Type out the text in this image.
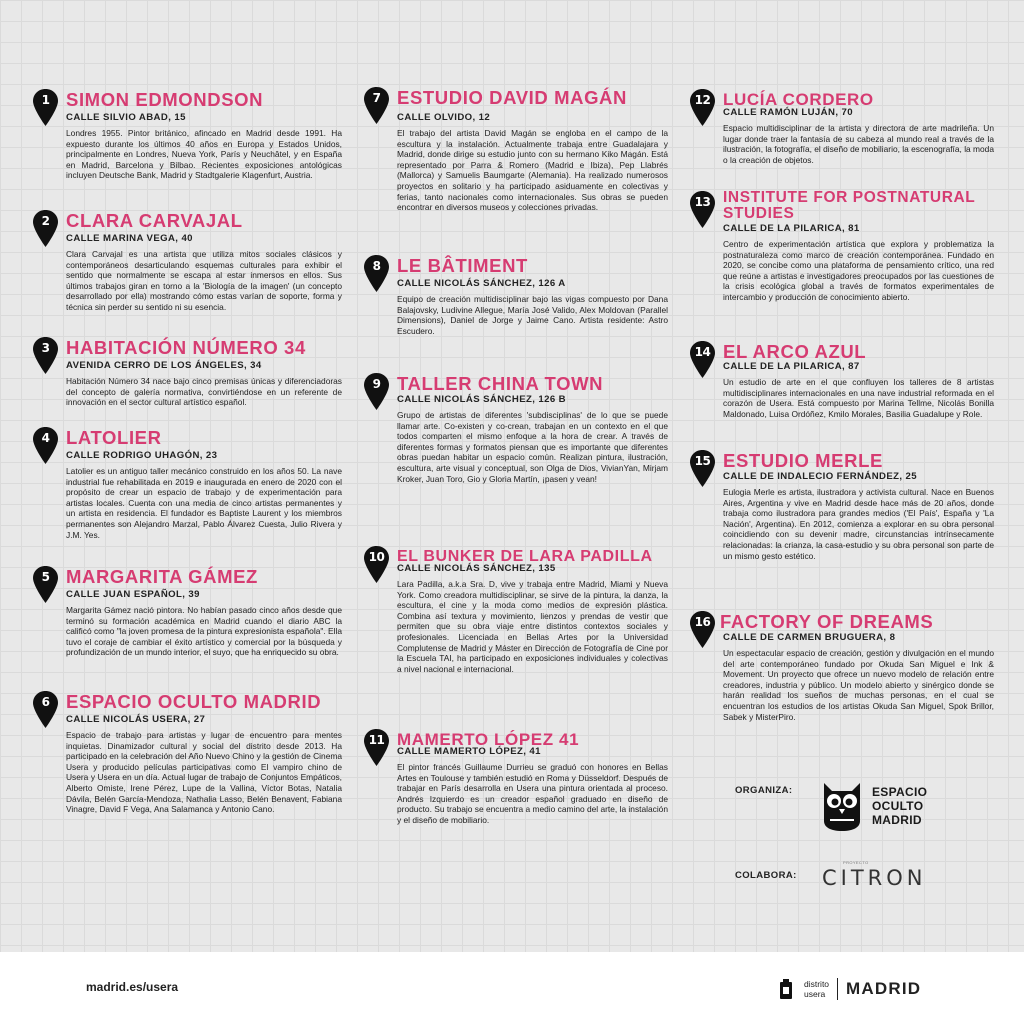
1 SIMON EDMONDSON
CALLE SILVIO ABAD, 15

Londres 1955. Pintor británico, afincado en Madrid desde 1991. Ha expuesto durante los últimos 40 años en Europa y Estados Unidos, principalmente en Londres, Nueva York, París y Neuchâtel, y en España en Madrid, Barcelona y Bilbao. Recientes exposiciones antológicas incluyen Deutsche Bank, Madrid y Stadtgalerie Klagenfurt, Austria.

2 CLARA CARVAJAL
CALLE MARINA VEGA, 40

Clara Carvajal es una artista que utiliza mitos sociales clásicos y contemporáneos desarticulando esquemas culturales para exhibir el sentido que normalmente se escapa al estar inmersos en ellos. Sus últimos trabajos giran en torno a la 'Biología de la imagen' (un concepto desarrollado por ella) mostrando cómo estas varían de soporte, forma y técnica sin perder su sentido ni su esencia.

3 HABITACIÓN NÚMERO 34
AVENIDA CERRO DE LOS ÁNGELES, 34

Habitación Número 34 nace bajo cinco premisas únicas y diferenciadoras del concepto de galería normativa, convirtiéndose en un referente de innovación en el sector cultural artístico español.

4 LATOLIER
CALLE RODRIGO UHAGÓN, 23

Latolier es un antiguo taller mecánico construido en los años 50. La nave industrial fue rehabilitada en 2019 e inaugurada en enero de 2020 con el propósito de crear un espacio de trabajo y de experimentación para artistas locales. Cuenta con una media de cinco artistas permanentes y un artista en residencia. El fundador es Baptiste Laurent y los miembros permanentes son Alejandro Marzal, Pablo Álvarez Cuesta, Julio Rivera y J.M. Yes.

5 MARGARITA GÁMEZ
CALLE JUAN ESPAÑOL, 39

Margarita Gámez nació pintora. No habían pasado cinco años desde que terminó su formación académica en Madrid cuando el diario ABC la calificó como "la joven promesa de la pintura expresionista española". Ella tuvo el coraje de cambiar el éxito artístico y comercial por la búsqueda y profundización de un mundo interior, el suyo, que ha enriquecido su obra.

6 ESPACIO OCULTO MADRID
CALLE NICOLÁS USERA, 27

Espacio de trabajo para artistas y lugar de encuentro para mentes inquietas. Dinamizador cultural y social del distrito desde 2013. Ha participado en la celebración del Año Nuevo Chino y la gestión de Cinema Usera y producido películas participativas como El vampiro chino de Usera y Usera en un día. Actual lugar de trabajo de Conjuntos Empáticos, Alberto Omiste, Irene Pérez, Lupe de la Vallina, Víctor Botas, Natalia Dávila, Belén García-Mendoza, Nathalia Lasso, Belén Benavent, Fabiana Vinagre, David F Vega, Ana Salamanca y Antonio Cano.

7 ESTUDIO DAVID MAGÁN
CALLE OLVIDO, 12

El trabajo del artista David Magán se engloba en el campo de la escultura y la instalación. Actualmente trabaja entre Guadalajara y Madrid, donde dirige su estudio junto con su hermano Kiko Magán. Está representado por Parra & Romero (Madrid e Ibiza), Pep Llabrés (Mallorca) y Samuelis Baumgarte (Alemania). Ha realizado numerosos proyectos en solitario y ha participado asiduamente en colectivas y ferias, tanto nacionales como internacionales. Sus obras se pueden encontrar en diversos museos y colecciones privadas.

8 LE BÂTIMENT
CALLE NICOLÁS SÁNCHEZ, 126 A

Equipo de creación multidisciplinar bajo las vigas compuesto por Dana Balajovsky, Ludivine Allegue, María José Valido, Alex Moldovan (Parallel Dimensions), Daniel de Jorge y Jaime Cano. Artista residente: Astro Escudero.

9 TALLER CHINA TOWN
CALLE NICOLÁS SÁNCHEZ, 126 B

Grupo de artistas de diferentes 'subdisciplinas' de lo que se puede llamar arte. Co-existen y co-crean, trabajan en un contexto en el que todos comparten el mismo enfoque a la hora de crear. A través de diferentes formas y formatos piensan que es importante que diferentes obras puedan habitar un espacio común. Realizan pintura, ilustración, escultura, arte visual y conceptual, son Olga de Dios, VivianYan, Mirjam Kroker, Juan Toro, Gio y Gloria Martín, ¡pasen y vean!

10 EL BUNKER DE LARA PADILLA
CALLE NICOLÁS SÁNCHEZ, 135

Lara Padilla, a.k.a Sra. D, vive y trabaja entre Madrid, Miami y Nueva York. Como creadora multidisciplinar, se sirve de la pintura, la danza, la escultura, el cine y la moda como medios de expresión plástica. Combina así textura y movimiento, lienzos y prendas de vestir que permiten que su obra viaje entre distintos contextos sociales y profesionales. Licenciada en Bellas Artes por la Universidad Complutense de Madrid y Máster en Dirección de Fotografía de Cine por la Escuela TAI, ha participado en exposiciones individuales y colectivas a nivel nacional e internacional.

11 MAMERTO LÓPEZ 41
CALLE MAMERTO LÓPEZ, 41

El pintor francés Guillaume Durrieu se graduó con honores en Bellas Artes en Toulouse y también estudió en Roma y Düsseldorf. Después de trabajar en París desarrolla en Usera una pintura orientada al proceso. Andrés Izquierdo es un creador español graduado en diseño de producto. Su trabajo se encuentra a medio camino del arte, la instalación y el diseño de mobiliario.

12 LUCÍA CORDERO
CALLE RAMÓN LUJÁN, 70

Espacio multidisciplinar de la artista y directora de arte madrileña. Un lugar donde traer la fantasía de su cabeza al mundo real a través de la ilustración, la fotografía, el diseño de mobiliario, la escenografía, la moda o la creación de objetos.

13 INSTITUTE FOR POSTNATURAL STUDIES
CALLE DE LA PILARICA, 81

Centro de experimentación artística que explora y problematiza la postnaturaleza como marco de creación contemporánea. Fundado en 2020, se concibe como una plataforma de pensamiento crítico, una red que reúne a artistas e investigadores preocupados por las cuestiones de la crisis ecológica global a través de formatos experimentales de intercambio y producción de conocimiento abierto.

14 EL ARCO AZUL
CALLE DE LA PILARICA, 87

Un estudio de arte en el que confluyen los talleres de 8 artistas multidisciplinares internacionales en una nave industrial reformada en el corazón de Usera. Está compuesto por Marina Tellme, Nicolás Bonilla Maldonado, Luisa Ordóñez, Kmilo Morales, Basilia Guadalupe y Role.

15 ESTUDIO MERLE
CALLE DE INDALECIO FERNÁNDEZ, 25

Eulogia Merle es artista, ilustradora y activista cultural. Nace en Buenos Aires, Argentina y vive en Madrid desde hace más de 20 años, donde trabaja como ilustradora para grandes medios ('El País', España y 'La Nación', Argentina). En 2012, comienza a explorar en su obra personal coincidiendo con su devenir madre, circunstancias intrínsecamente relacionadas: la crianza, la casa-estudio y su obra personal son parte de un mismo gesto estético.

16 FACTORY OF DREAMS
CALLE DE CARMEN BRUGUERA, 8

Un espectacular espacio de creación, gestión y divulgación en el mundo del arte contemporáneo fundado por Okuda San Miguel e Ink & Movement. Un proyecto que ofrece un nuevo modelo de relación entre creadores, industria y público. Un modelo abierto y sinérgico donde se harán realidad los sueños de muchas personas, en el cual se encuentran los estudios de los artistas Okuda San Miguel, Spok Brillor, Sabek y MisterPiro.

ORGANIZA:	ESPACIO
OCULTO
MADRID
COLABORA:
PROYECTO
CITRON
madrid.es/usera	distrito
usera MADRID
